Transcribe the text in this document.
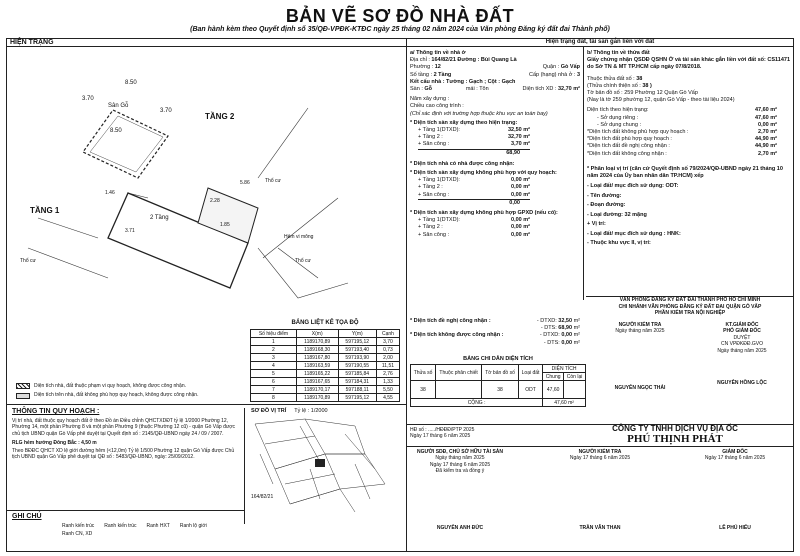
BẢN VẼ SƠ ĐỒ NHÀ ĐẤT
(Ban hành kèm theo Quyết định số 35/QĐ-VPĐK-KTĐC ngày 25 tháng 02 năm 2024 của Văn phòng Đăng ký đất đai Thành phố)
HIỆN TRẠNG
8.50
3.70
8.50
3.70
Sân Gỗ
TẦNG 2
TẦNG 1
2 Tầng
5.86
3.71
2.28
1.85
1.46
Thổ cư
Thổ cư
Thổ cư
Hẻm vi mông
Diện tích nhà, đất thuộc phạm vi quy hoạch, không được công nhận.
Diện tích trên nhà, đất không phù hợp quy hoạch, không được công nhận.
BẢNG LIỆT KÊ TỌA ĐỘ
Số hiệu điểm	X(m)	Y(m)	Cạnh
1	1189170,89	597195,12	3,70
2	1189168,30	597193,40	0,73
3	1189167,80	597193,90	2,00
4	1189163,59	597190,55	11,51
5	1189165,22	597185,84	2,76
6	1189167,65	597184,31	1,33
7	1189170,17	597188,11	5,50
8	1189170,89	597195,12	4,55
THÔNG TIN QUY HOẠCH :
Vị trí nhà, đất thuộc quy hoạch đất ở theo Đồ án Điều chỉnh QHCTXDĐT tỷ lệ 1/2000 Phường 12, Phường 14, một phần Phường 8 và một phần Phường 9 (thuộc Phường 12 cũ) - quận Gò Vấp được chủ tịch UBND quận Gò Vấp phê duyệt tại Quyết định số : 2145/QĐ-UBND ngày 24 / 09 / 2007.
RLG hẻm hướng Đông Bắc : 4,50 m
Theo BĐĐC QHCT XD lệ giới đường hẻm (<12,0m) Tỷ lệ 1/500 Phường 12 quận Gò Vấp được Chủ tịch UBND quận Gò Vấp phê duyệt tại QĐ số : 5483/QĐ-UBND, ngày: 25/09/2012.
SƠ ĐỒ VỊ TRÍ Tỷ lệ : 1/2000
164/82/21
GHI CHÚ
Ranh kiến trúc Ranh kiến trúc Ranh HXT Ranh lộ giới
Ranh CN, XD
Hiện trạng đất, tài sản gắn liền với đất
a/ Thông tin về nhà ở
Địa chỉ : 164/82/21 Đường : Bùi Quang Là
Phường : 12	Quận : Gò Vấp
Số tầng : 2 Tầng	Cấp (hạng) nhà ở : 3
Kết cấu nhà : Tường : Gạch ; Cột : Gạch
Sàn : Gỗ	mái : Tôn	Diện tích XD : 32,70 m²
Năm xây dựng :
Chiều cao công trình :
(Chỉ xác định với trường hợp thuộc khu vực an toàn bay)
* Diện tích sàn xây dựng theo hiện trạng:
+ Tầng 1(DTXD):	32,50 m²
+ Tầng 2 :	32,70 m²
+ Sân công :	3,70 m²
68,90
* Diện tích nhà có nhà được công nhận:
* Diện tích sàn xây dựng không phù hợp với quy hoạch:
+ Tầng 1(DTXD):	0,00 m²
+ Tầng 2 :	0,00 m²
+ Sân công :	0,00 m²
0,00
* Diện tích sàn xây dựng không phù hợp GPXD (nếu có):
+ Tầng 1(DTXD):	0,00 m²
+ Tầng 2 :	0,00 m²
+ Sân công :	0,00 m²
* Diện tích đề nghị công nhận :	- DTXD: 32,50 m²
- DTS: 68,90 m²
* Diện tích không được công nhận :	- DTXD: 0,00 m²
- DTS: 0,00 m²
BẢNG CHI DẪN DIỆN TÍCH
Thửa số	Thuộc phân chiết	Tờ bản đồ số	Loại đất	DIỆN TÍCH	
				Chung	Còn lại
38		38	ODT	47,60	
CỘNG :				47,60 m²	
b/ Thông tin về thửa đất
Giấy chứng nhận QSDĐ QSHN Ở và tài sản khác gắn liền với đất số: CS11471 do Sở TN & MT TP.HCM cấp ngày 07/8/2018.
Thuộc thửa đất số : 38
(Thửa chính thiện số : 38 )
Tờ bản đồ số : 259 Phường 12 Quận Gò Vấp
(Nay là tờ 259 phường 12, quận Gò Vấp - theo tài liệu 2024)
Diện tích theo hiện trạng:	47,60 m²
- Sở dụng riêng :	47,60 m²
- Sở dụng chung :	0,00 m²
*Diện tích đất không phù hợp quy hoạch :	2,70 m²
*Diện tích đất phù hợp quy hoạch :	44,90 m²
*Diện tích đất đề nghị công nhận :	44,90 m²
*Diện tích đất không công nhận :	2,70 m²
* Phân loại vị trí (căn cứ Quyết định số 79/2024/QĐ-UBND ngày 21 tháng 10 năm 2024 của Ủy ban nhân dân TP.HCM) xếp
- Loại đất/ mục đích sử dụng: ODT:
- Tên đường:
- Đoạn đường:
- Loại đường: 32 mặng
+ Vị trí:
- Loại đất/ mục đích sử dụng : HNK:
- Thuộc khu vực II, vị trí:
VĂN PHÒNG ĐĂNG KÝ ĐẤT ĐAI THÀNH PHỐ HỒ CHÍ MINH
CHI NHÁNH VĂN PHÒNG ĐĂNG KÝ ĐẤT ĐAI QUẬN GÒ VẤP
PHẦN KIỂM TRA NỘI NGHIỆP
NGƯỜI KIỂM TRA
Ngày tháng năm 2025
NGUYỄN NGỌC THÁI
KT.GIÁM ĐỐC
PHÓ GIÁM ĐỐC
DUYỆT
CN VPĐKĐĐ.GVO
Ngày tháng năm 2025
NGUYỄN HỒNG LỘC
HĐ số : ...../HĐĐĐ/PTP 2025
Ngày 17 tháng 6 năm 2025
CÔNG TY TNHH DỊCH VỤ ĐỊA ỐC
PHÚ THỊNH PHÁT
NGƯỜI SDĐ, CHỦ SỞ HỮU TÀI SẢN
Ngày tháng năm 2025
Ngày 17 tháng 6 năm 2025
Đã kiểm tra và đồng ý
NGUYỄN ANH ĐỨC
NGƯỜI KIỂM TRA
Ngày 17 tháng 6 năm 2025
TRẦN VĂN THAN
GIÁM ĐỐC
Ngày 17 tháng 6 năm 2025
LÊ PHÚ HIẾU
